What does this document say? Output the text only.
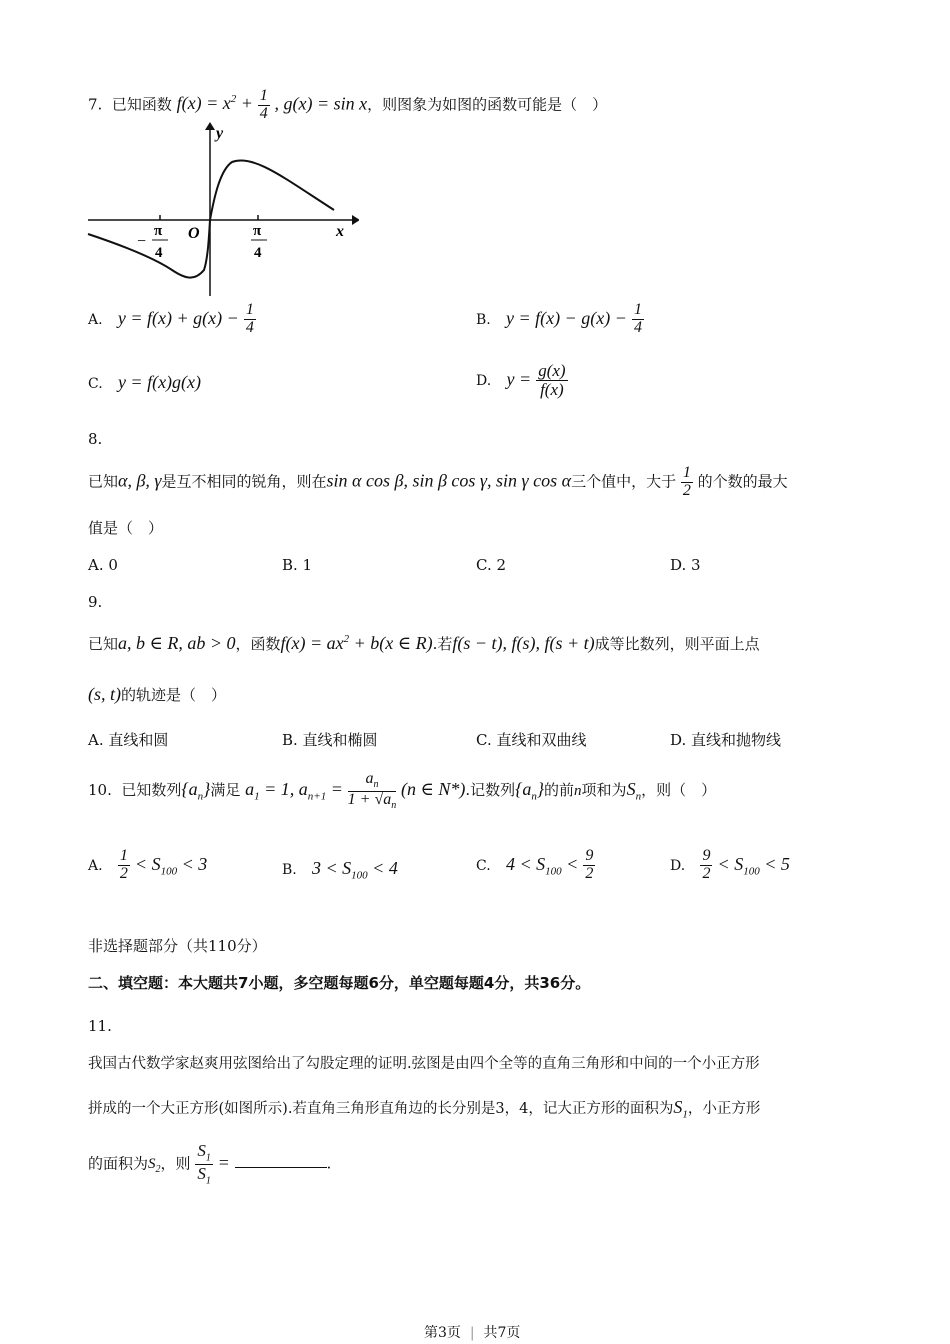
7. 已知函数 $f(x) = x^2 + \frac{1}{4}$ , g(x) = sin x，则图象为如图的函数可能是（　）
y
x
O
−
π
4
π
4
A. $y = f(x) + g(x) - \frac{1}{4}$	B. $y = f(x) - g(x) - \frac{1}{4}$
C. y = f(x)g(x)	D. $y = \frac{g(x)}{f(x)}$
8.
已知α, β, γ是互不相同的锐角，则在sin α cos β, sin β cos γ, sin γ cos α三个值中，大于 $\frac{1}{2}$ 的个数的最大
值是（　）
A. 0	B. 1	C. 2	D. 3
9.
已知a, b ∈ R, ab > 0，函数$f(x) = ax^2 + b(x$ ∈ R).若f(s − t), f(s), f(s + t)成等比数列，则平面上点
(s, t)的轨迹是（　）
A. 直线和圆	B. 直线和椭圆	C. 直线和双曲线	D. 直线和抛物线
10. 已知数列$\{a_n\}$满足 $a_1 = 1$, $a_{n+1} = \frac{a_n}{1 + √a_n} (n$ ∈ N*).记数列$\{a_n\}$的前n项和为$S_n$，则（　）
A. $\frac{1}{2} < S_{100} < 3$	B. $3 < S_{100} < 4$	C. $4 < S_{100} < \frac{9}{2}$	D. $\frac{9}{2} < S_{100} < 5$
非选择题部分（共110分）
二、填空题：本大题共7小题，多空题每题6分，单空题每题4分，共36分。
11.
我国古代数学家赵爽用弦图给出了勾股定理的证明.弦图是由四个全等的直角三角形和中间的一个小正方形
拼成的一个大正方形(如图所示).若直角三角形直角边的长分别是3，4，记大正方形的面积为$S_1$，小正方形
的面积为$S_2$，则 $\frac{S_1}{S_1}$ =	.
第3页 | 共7页
